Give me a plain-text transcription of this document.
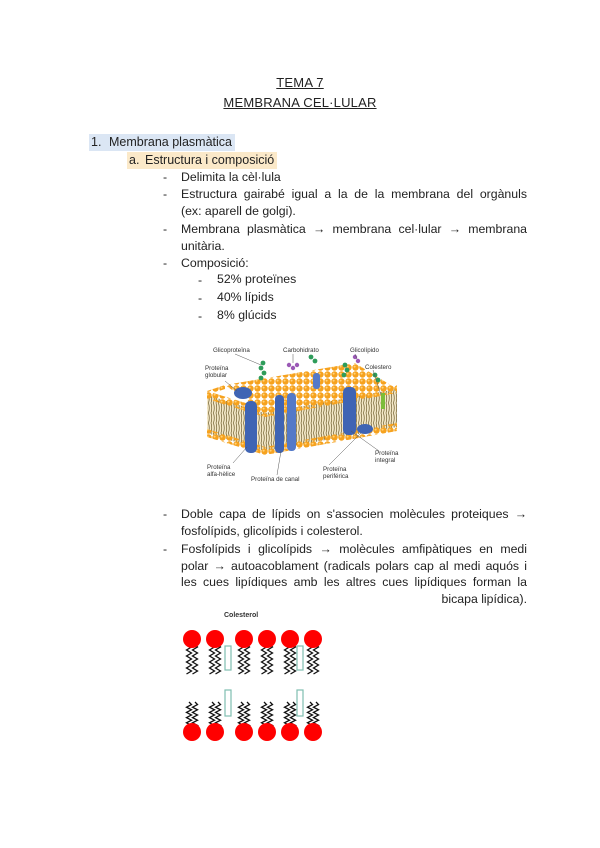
TEMA 7
MEMBRANA CEL·LULAR
1. Membrana plasmàtica
a. Estructura i composició
- Delimita la cèl·lula
- Estructura gairabé igual a la de la membrana del orgànuls
(ex: aparell de golgi).
- Membrana plasmàtica → membrana cel·lular → membrana
unitària.
- Composició:
- 52% proteïnes
- 40% lípids
- 8% glúcids
Glicoproteïna	Carbohidrato	Glicolípido
Colestero
Proteïna
globular
Proteïna
integral
Proteïna
alfa-hèlice
Proteïna de canal
Proteïna
periférica
- Doble capa de lípids on s'associen molècules proteiques →
fosfolípids, glicolípids i colesterol.
- Fosfolípids i glicolípids → molècules amfipàtiques en medi
polar → autoacoblament (radicals polars cap al medi aquós i
les cues lipídiques amb les altres cues lipídiques forman la
bicapa lipídica).
Colesterol
